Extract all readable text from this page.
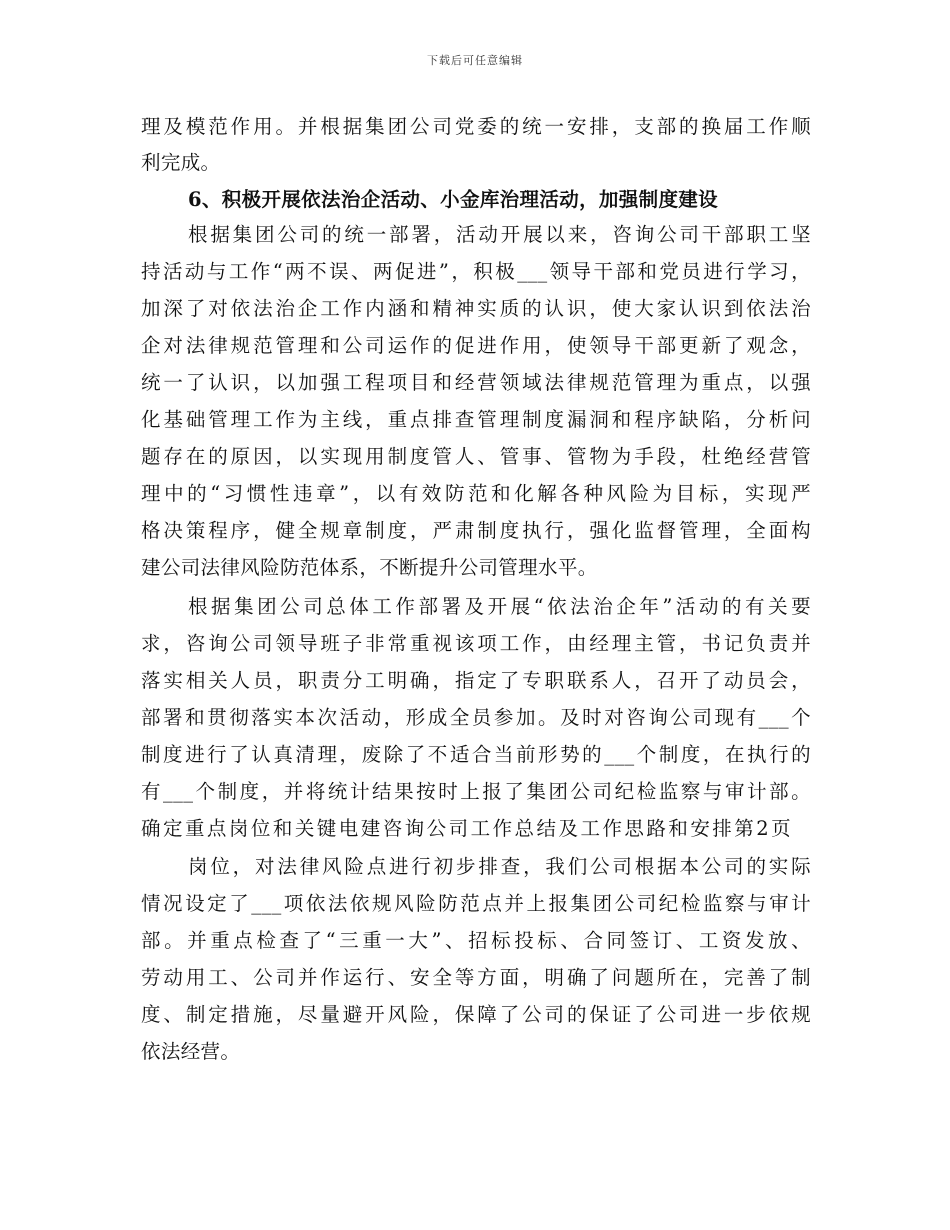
下载后可任意编辑
理及模范作用。并根据集团公司党委的统一安排，支部的换届工作顺
利完成。
6、积极开展依法治企活动、小金库治理活动，加强制度建设
根据集团公司的统一部署，活动开展以来，咨询公司干部职工坚
持活动与工作“两不误、两促进”，积极___领导干部和党员进行学习，
加深了对依法治企工作内涵和精神实质的认识，使大家认识到依法治
企对法律规范管理和公司运作的促进作用，使领导干部更新了观念，
统一了认识，以加强工程项目和经营领域法律规范管理为重点，以强
化基础管理工作为主线，重点排查管理制度漏洞和程序缺陷，分析问
题存在的原因，以实现用制度管人、管事、管物为手段，杜绝经营管
理中的“习惯性违章”，以有效防范和化解各种风险为目标，实现严
格决策程序，健全规章制度，严肃制度执行，强化监督管理，全面构
建公司法律风险防范体系，不断提升公司管理水平。
根据集团公司总体工作部署及开展“依法治企年”活动的有关要
求，咨询公司领导班子非常重视该项工作，由经理主管，书记负责并
落实相关人员，职责分工明确，指定了专职联系人，召开了动员会，
部署和贯彻落实本次活动，形成全员参加。及时对咨询公司现有___个
制度进行了认真清理，废除了不适合当前形势的___个制度，在执行的
有___个制度，并将统计结果按时上报了集团公司纪检监察与审计部。
确定重点岗位和关键电建咨询公司工作总结及工作思路和安排第2页
岗位，对法律风险点进行初步排查，我们公司根据本公司的实际
情况设定了___项依法依规风险防范点并上报集团公司纪检监察与审计
部。并重点检查了“三重一大”、招标投标、合同签订、工资发放、
劳动用工、公司并作运行、安全等方面，明确了问题所在，完善了制
度、制定措施，尽量避开风险，保障了公司的保证了公司进一步依规
依法经营。
